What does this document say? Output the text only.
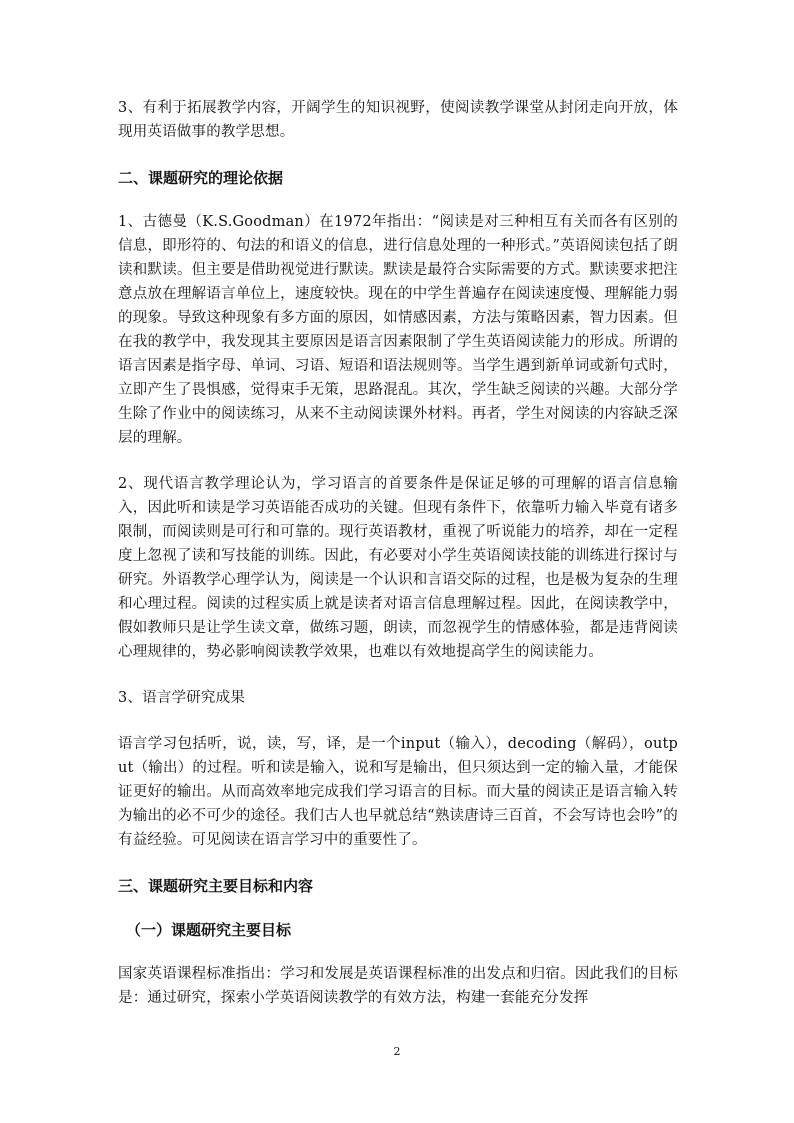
3、有利于拓展教学内容，开阔学生的知识视野，使阅读教学课堂从封闭走向开放，体现用英语做事的教学思想。

二、课题研究的理论依据

1、古德曼（K.S.Goodman）在1972年指出：“阅读是对三种相互有关而各有区别的信息，即形符的、句法的和语义的信息，进行信息处理的一种形式。”英语阅读包括了朗读和默读。但主要是借助视觉进行默读。默读是最符合实际需要的方式。默读要求把注意点放在理解语言单位上，速度较快。现在的中学生普遍存在阅读速度慢、理解能力弱的现象。导致这种现象有多方面的原因，如情感因素，方法与策略因素，智力因素。但在我的教学中，我发现其主要原因是语言因素限制了学生英语阅读能力的形成。所谓的语言因素是指字母、单词、习语、短语和语法规则等。当学生遇到新单词或新句式时，立即产生了畏惧感，觉得束手无策，思路混乱。其次，学生缺乏阅读的兴趣。大部分学生除了作业中的阅读练习，从来不主动阅读课外材料。再者，学生对阅读的内容缺乏深层的理解。

2、现代语言教学理论认为，学习语言的首要条件是保证足够的可理解的语言信息输入，因此听和读是学习英语能否成功的关键。但现有条件下，依靠听力输入毕竟有诸多限制，而阅读则是可行和可靠的。现行英语教材，重视了听说能力的培养，却在一定程度上忽视了读和写技能的训练。因此，有必要对小学生英语阅读技能的训练进行探讨与研究。外语教学心理学认为，阅读是一个认识和言语交际的过程，也是极为复杂的生理和心理过程。阅读的过程实质上就是读者对语言信息理解过程。因此，在阅读教学中，假如教师只是让学生读文章，做练习题，朗读，而忽视学生的情感体验，都是违背阅读心理规律的，势必影响阅读教学效果，也难以有效地提高学生的阅读能力。

3、语言学研究成果

语言学习包括听，说，读，写，译，是一个input（输入），decoding（解码），output（输出）的过程。听和读是输入，说和写是输出，但只须达到一定的输入量，才能保证更好的输出。从而高效率地完成我们学习语言的目标。而大量的阅读正是语言输入转为输出的必不可少的途径。我们古人也早就总结“熟读唐诗三百首，不会写诗也会吟”的有益经验。可见阅读在语言学习中的重要性了。

三、课题研究主要目标和内容

（一）课题研究主要目标

国家英语课程标准指出：学习和发展是英语课程标准的出发点和归宿。因此我们的目标是：通过研究，探索小学英语阅读教学的有效方法，构建一套能充分发挥

2
